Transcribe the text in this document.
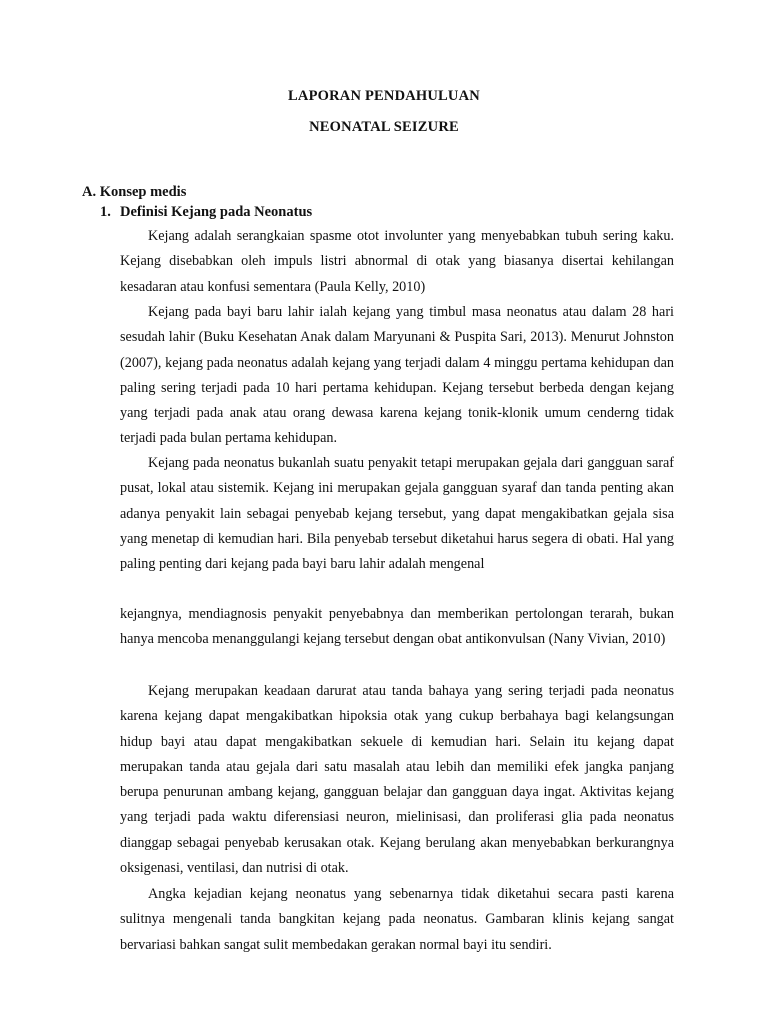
LAPORAN PENDAHULUAN
NEONATAL SEIZURE
A. Konsep medis
1. Definisi Kejang pada Neonatus

Kejang adalah serangkaian spasme otot involunter yang menyebabkan tubuh sering kaku. Kejang disebabkan oleh impuls listri abnormal di otak yang biasanya disertai kehilangan kesadaran atau konfusi sementara (Paula Kelly, 2010)

Kejang pada bayi baru lahir ialah kejang yang timbul masa neonatus atau dalam 28 hari sesudah lahir (Buku Kesehatan Anak dalam Maryunani & Puspita Sari, 2013). Menurut Johnston (2007), kejang pada neonatus adalah kejang yang terjadi dalam 4 minggu pertama kehidupan dan paling sering terjadi pada 10 hari pertama kehidupan. Kejang tersebut berbeda dengan kejang yang terjadi pada anak atau orang dewasa karena kejang tonik-klonik umum cenderng tidak terjadi pada bulan pertama kehidupan.

Kejang pada neonatus bukanlah suatu penyakit tetapi merupakan gejala dari gangguan saraf pusat, lokal atau sistemik. Kejang ini merupakan gejala gangguan syaraf dan tanda penting akan adanya penyakit lain sebagai penyebab kejang tersebut, yang dapat mengakibatkan gejala sisa yang menetap di kemudian hari. Bila penyebab tersebut diketahui harus segera di obati. Hal yang paling penting dari kejang pada bayi baru lahir adalah mengenal

kejangnya, mendiagnosis penyakit penyebabnya dan memberikan pertolongan terarah, bukan hanya mencoba menanggulangi kejang tersebut dengan obat antikonvulsan (Nany Vivian, 2010)

Kejang merupakan keadaan darurat atau tanda bahaya yang sering terjadi pada neonatus karena kejang dapat mengakibatkan hipoksia otak yang cukup berbahaya bagi kelangsungan hidup bayi atau dapat mengakibatkan sekuele di kemudian hari. Selain itu kejang dapat merupakan tanda atau gejala dari satu masalah atau lebih dan memiliki efek jangka panjang berupa penurunan ambang kejang, gangguan belajar dan gangguan daya ingat. Aktivitas kejang yang terjadi pada waktu diferensiasi neuron, mielinisasi, dan proliferasi glia pada neonatus dianggap sebagai penyebab kerusakan otak. Kejang berulang akan menyebabkan berkurangnya oksigenasi, ventilasi, dan nutrisi di otak.

Angka kejadian kejang neonatus yang sebenarnya tidak diketahui secara pasti karena sulitnya mengenali tanda bangkitan kejang pada neonatus. Gambaran klinis kejang sangat bervariasi bahkan sangat sulit membedakan gerakan normal bayi itu sendiri.
